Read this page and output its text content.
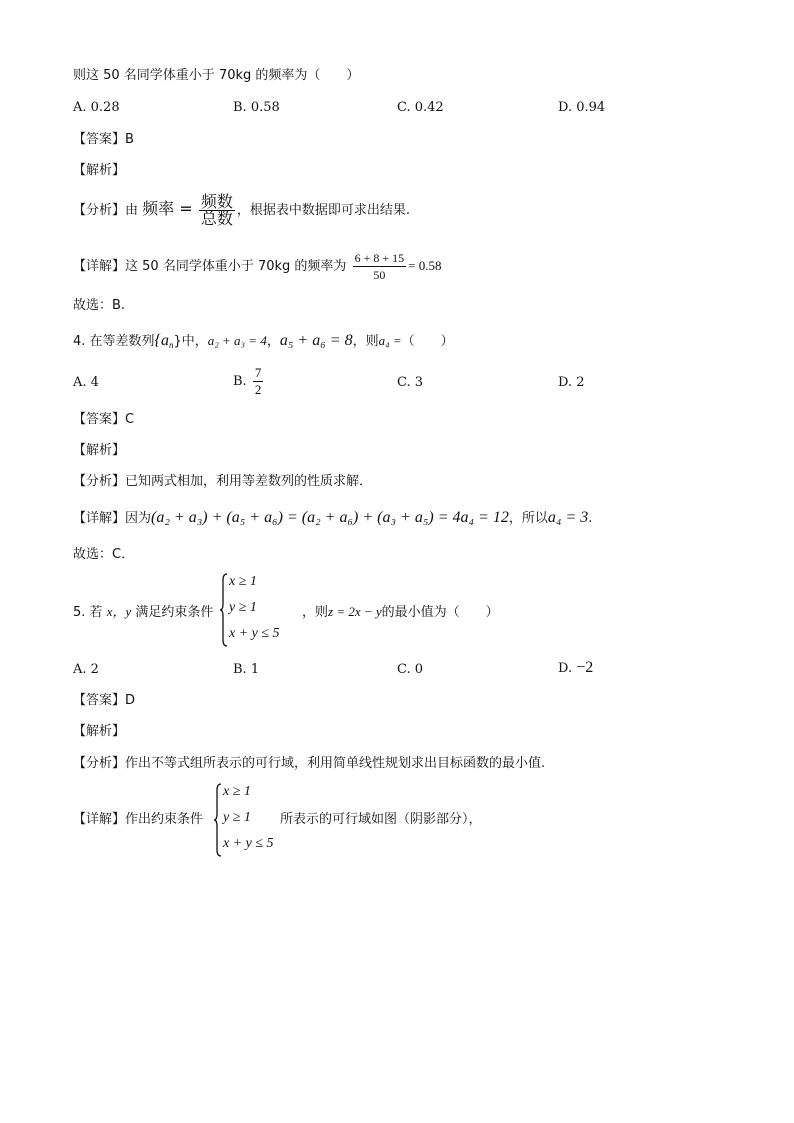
则这 50 名同学体重小于 70kg 的频率为（　　）
A. 0.28	B. 0.58	C. 0.42	D. 0.94
【答案】B
【解析】
【分析】由 频率 = $\frac{\text{频数}}{\text{总数}}$ ，根据表中数据即可求出结果.
【详解】这 50 名同学体重小于 70kg 的频率为 $\frac{6 + 8 + 15}{50} = 0.58$
故选：B.
4. 在等差数列$\{a_n\}$中，a₂ + a₃ = 4，a₅ + a₆ = 8，则a₄ =（　　）
A. 4	B. $\frac{7}{2}$	C. 3	D. 2
【答案】C
【解析】
【分析】已知两式相加，利用等差数列的性质求解．
【详解】因为(a₂ + a₃) + (a₅ + a₆) = (a₂ + a₆) + (a₃ + a₅) = 4a₄ = 12，所以a₄ = 3.
故选：C．
5. 若 x，y 满足约束条件
x ≥ 1
y ≥ 1
x + y ≤ 5
，则z = 2x − y的最小值为（　　）
A. 2	B. 1	C. 0	D. −2
【答案】D
【解析】
【分析】作出不等式组所表示的可行域，利用简单线性规划求出目标函数的最小值.
【详解】作出约束条件
x ≥ 1
y ≥ 1
x + y ≤ 5
所表示的可行域如图（阴影部分），
